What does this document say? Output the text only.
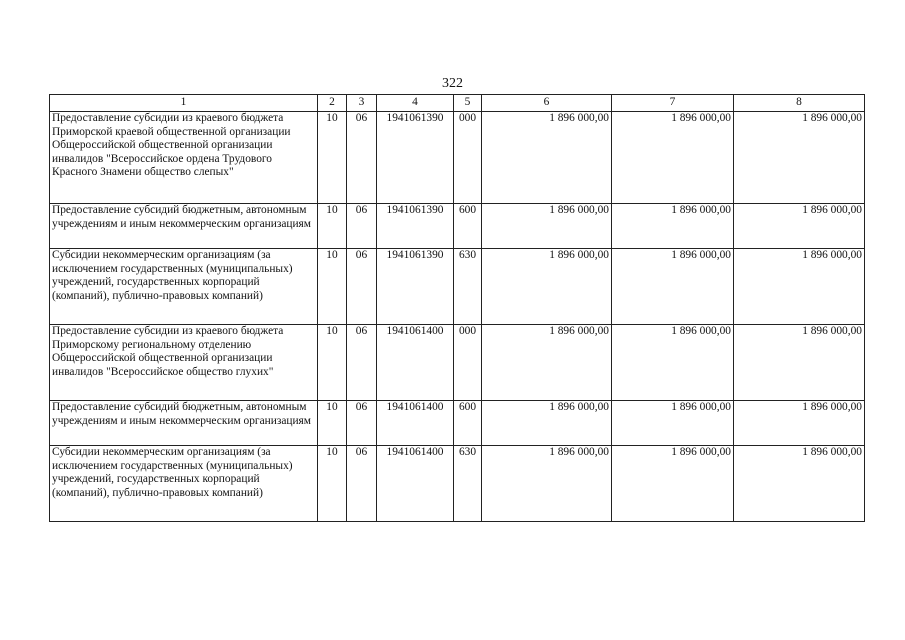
322
1	2	3	4	5	6	7	8
Предоставление субсидии из краевого бюджета Приморской краевой общественной организации Общероссийской общественной организации инвалидов "Всероссийское ордена Трудового Красного Знамени общество слепых"	10	06	1941061390	000	1 896 000,00	1 896 000,00	1 896 000,00
Предоставление субсидий бюджетным, автономным учреждениям и иным некоммерческим организациям	10	06	1941061390	600	1 896 000,00	1 896 000,00	1 896 000,00
Субсидии некоммерческим организациям (за исключением государственных (муниципальных) учреждений, государственных корпораций (компаний), публично-правовых компаний)	10	06	1941061390	630	1 896 000,00	1 896 000,00	1 896 000,00
Предоставление субсидии из краевого бюджета Приморскому региональному отделению Общероссийской общественной организации инвалидов "Всероссийское общество глухих"	10	06	1941061400	000	1 896 000,00	1 896 000,00	1 896 000,00
Предоставление субсидий бюджетным, автономным учреждениям и иным некоммерческим организациям	10	06	1941061400	600	1 896 000,00	1 896 000,00	1 896 000,00
Субсидии некоммерческим организациям (за исключением государственных (муниципальных) учреждений, государственных корпораций (компаний), публично-правовых компаний)	10	06	1941061400	630	1 896 000,00	1 896 000,00	1 896 000,00
